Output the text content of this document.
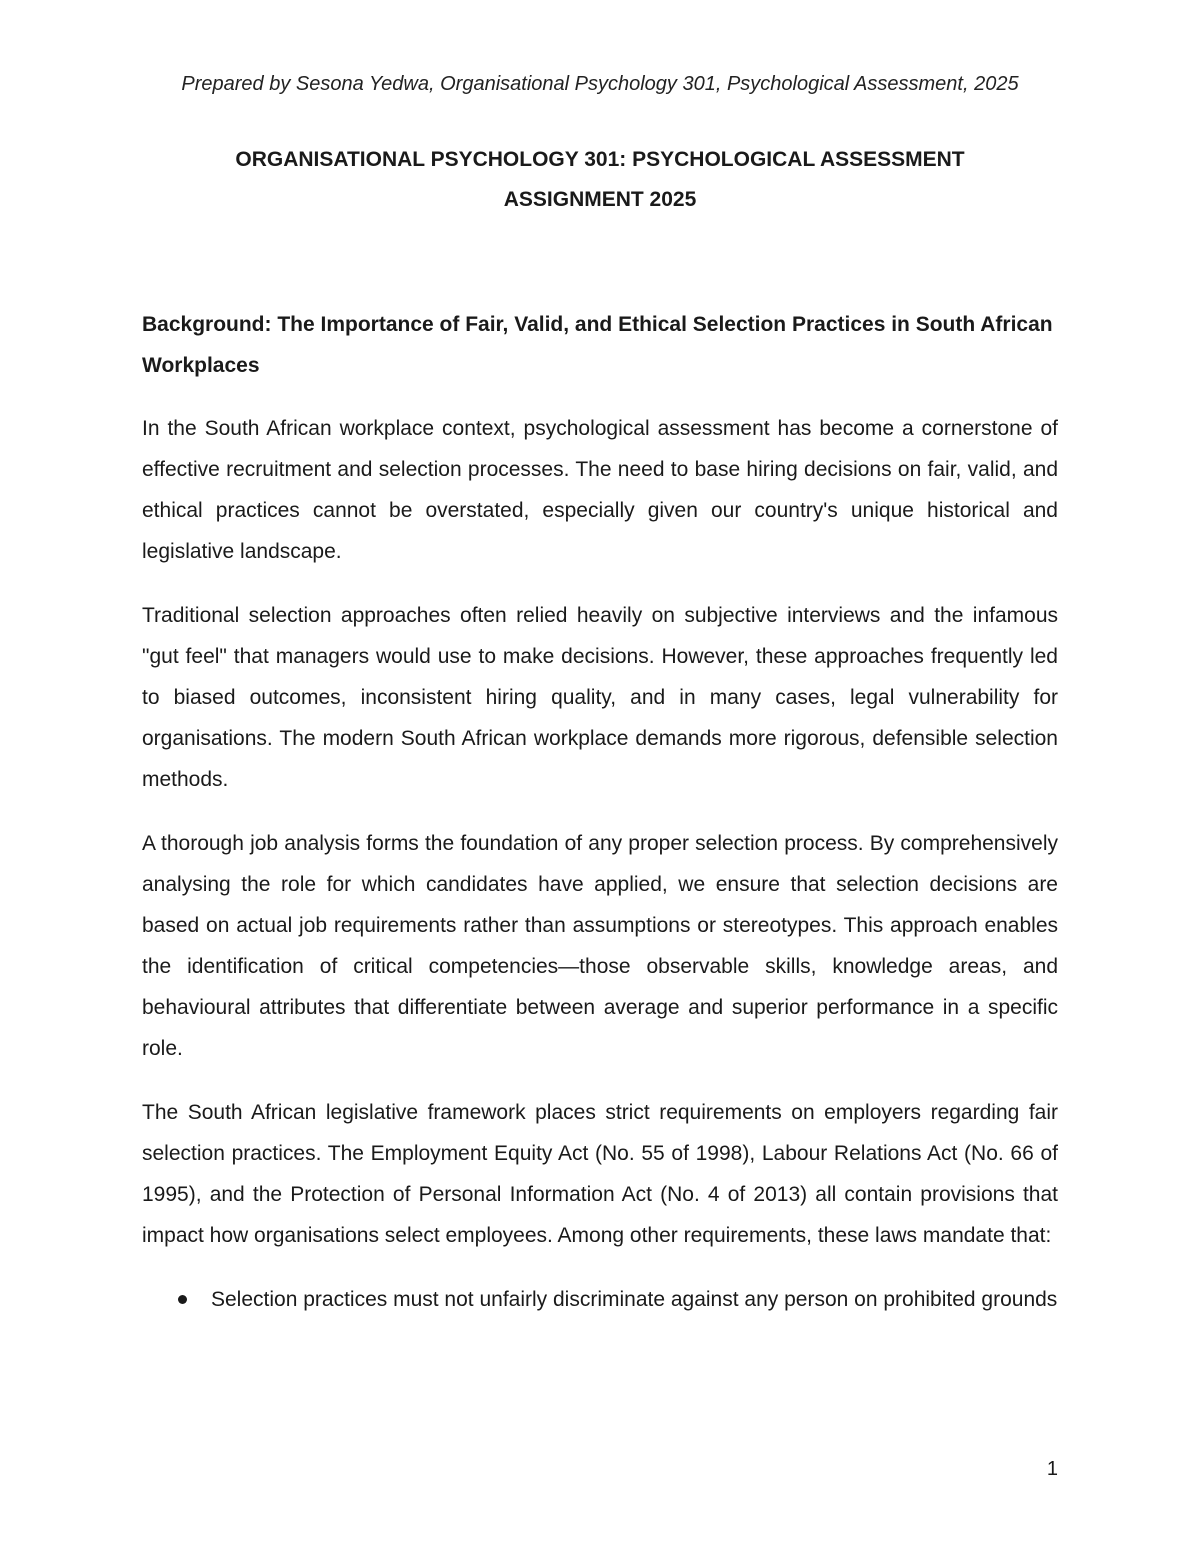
Prepared by Sesona Yedwa, Organisational Psychology 301, Psychological Assessment, 2025
ORGANISATIONAL PSYCHOLOGY 301: PSYCHOLOGICAL ASSESSMENT
ASSIGNMENT 2025
Background: The Importance of Fair, Valid, and Ethical Selection Practices in South African Workplaces

In the South African workplace context, psychological assessment has become a cornerstone of effective recruitment and selection processes. The need to base hiring decisions on fair, valid, and ethical practices cannot be overstated, especially given our country's unique historical and legislative landscape.

Traditional selection approaches often relied heavily on subjective interviews and the infamous "gut feel" that managers would use to make decisions. However, these approaches frequently led to biased outcomes, inconsistent hiring quality, and in many cases, legal vulnerability for organisations. The modern South African workplace demands more rigorous, defensible selection methods.

A thorough job analysis forms the foundation of any proper selection process. By comprehensively analysing the role for which candidates have applied, we ensure that selection decisions are based on actual job requirements rather than assumptions or stereotypes. This approach enables the identification of critical competencies—those observable skills, knowledge areas, and behavioural attributes that differentiate between average and superior performance in a specific role.

The South African legislative framework places strict requirements on employers regarding fair selection practices. The Employment Equity Act (No. 55 of 1998), Labour Relations Act (No. 66 of 1995), and the Protection of Personal Information Act (No. 4 of 2013) all contain provisions that impact how organisations select employees. Among other requirements, these laws mandate that:

Selection practices must not unfairly discriminate against any person on prohibited grounds
1
